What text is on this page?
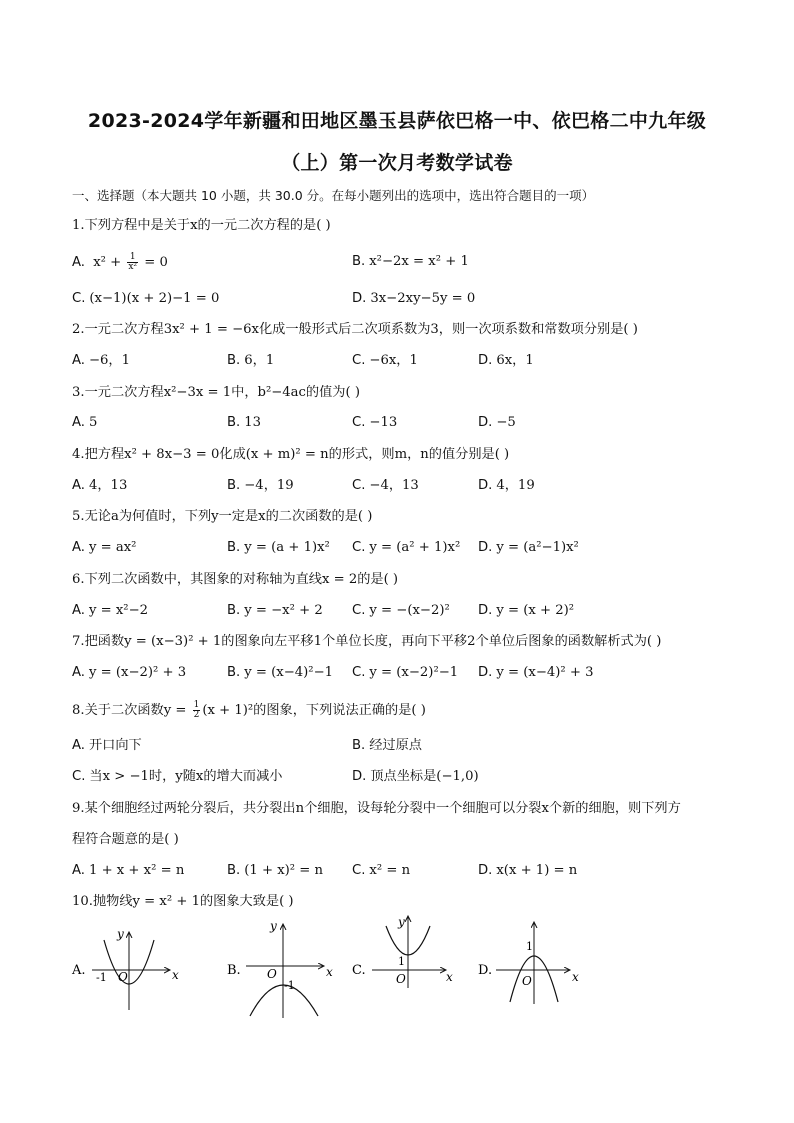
2023-2024学年新疆和田地区墨玉县萨依巴格一中、依巴格二中九年级
（上）第一次月考数学试卷
一、选择题（本大题共 10 小题，共 30.0 分。在每小题列出的选项中，选出符合题目的一项）
1.下列方程中是关于x的一元二次方程的是( )
A. $x^2 + \frac{1}{\text{x²}} = 0$	B. x²−2x = x² + 1
C. (x−1)(x + 2)−1 = 0	D. 3x−2xy−5y = 0
2.一元二次方程3x² + 1 = −6x化成一般形式后二次项系数为3，则一次项系数和常数项分别是( )
A. −6，1	B. 6，1	C. −6x，1	D. 6x，1
3.一元二次方程x²−3x = 1中，b²−4ac的值为( )
A. 5	B. 13	C. −13	D. −5
4.把方程x² + 8x−3 = 0化成(x + m)² = n的形式，则m，n的值分别是( )
A. 4，13	B. −4，19	C. −4，13	D. 4，19
5.无论a为何值时，下列y一定是x的二次函数的是( )
A. y = ax²	B. y = (a + 1)x² C. y = (a² + 1)x² D. y = (a²−1)x²
6.下列二次函数中，其图象的对称轴为直线x = 2的是( )
A. y = x²−2	B. y = −x² + 2 C. y = −(x−2)² D. y = (x + 2)²
7.把函数y = (x−3)² + 1的图象向左平移1个单位长度，再向下平移2个单位后图象的函数解析式为( )
A. y = (x−2)² + 3	B. y = (x−4)²−1 C. y = (x−2)²−1 D. y = (x−4)² + 3
8.关于二次函数$y = \frac{1}{2} (x + 1)^2$的图象，下列说法正确的是( )
A. 开口向下	B. 经过原点
C. 当x > −1时，y随x的增大而减小	D. 顶点坐标是(−1,0)
9.某个细胞经过两轮分裂后，共分裂出n个细胞，设每轮分裂中一个细胞可以分裂x个新的细胞，则下列方
程符合题意的是( )
A. 1 + x + x² = n	B. (1 + x)² = n C. x² = n	D. x(x + 1) = n
10.抛物线y = x² + 1的图象大致是( )
A.	x
y
O
-1	B.	x
y
O
-1
C.	x
y
O
1
D.	x
O
1
